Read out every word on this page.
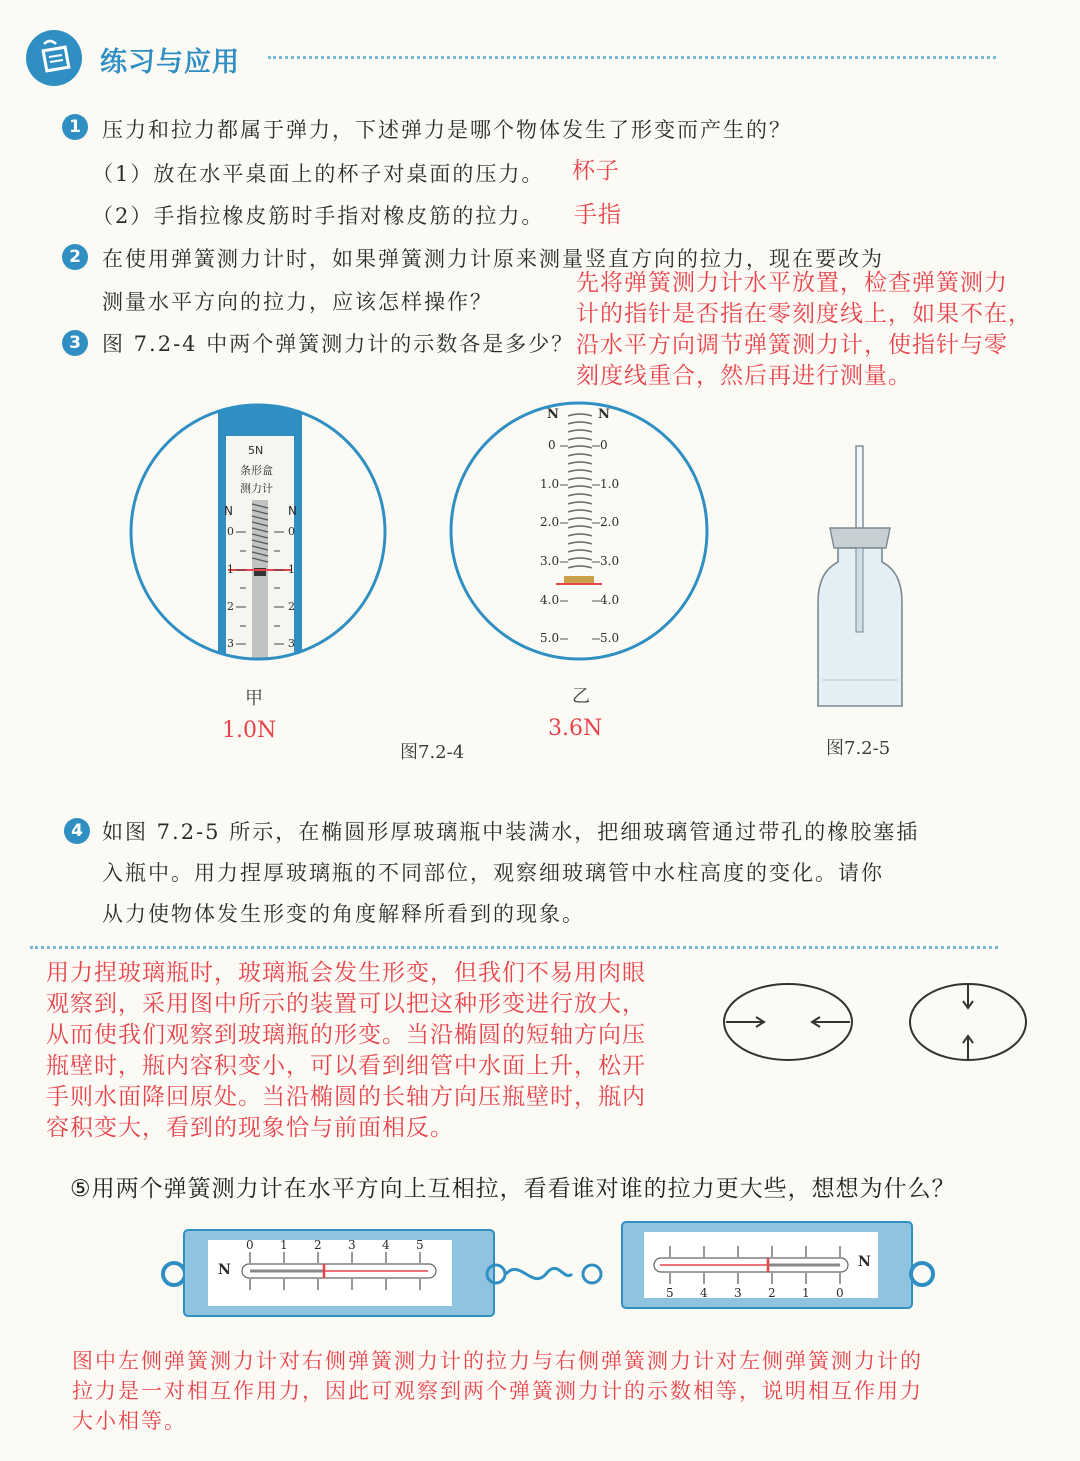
练习与应用
1	压力和拉力都属于弹力，下述弹力是哪个物体发生了形变而产生的？
（1）放在水平桌面上的杯子对桌面的压力。 杯子
（2）手指拉橡皮筋时手指对橡皮筋的拉力。 手指
2	在使用弹簧测力计时，如果弹簧测力计原来测量竖直方向的拉力，现在要改为
测量水平方向的拉力，应该怎样操作？
先将弹簧测力计水平放置，检查弹簧测力
计的指针是否指在零刻度线上，如果不在，
沿水平方向调节弹簧测力计，使指针与零
刻度线重合，然后再进行测量。
3	图 7.2-4 中两个弹簧测力计的示数各是多少？
5N
条形盒
测力计
N	N
0	0
1	1
2	2
3	3
甲
1.0N
N	N
0
1.0
2.0
3.0
4.0
5.0
0
1.0
2.0
3.0
4.0
5.0
乙
3.6N
图7.2-4	图7.2-5
4 如图 7.2-5 所示，在椭圆形厚玻璃瓶中装满水，把细玻璃管通过带孔的橡胶塞插
入瓶中。用力捏厚玻璃瓶的不同部位，观察细玻璃管中水柱高度的变化。请你
从力使物体发生形变的角度解释所看到的现象。
用力捏玻璃瓶时，玻璃瓶会发生形变，但我们不易用肉眼
观察到，采用图中所示的装置可以把这种形变进行放大，
从而使我们观察到玻璃瓶的形变。当沿椭圆的短轴方向压
瓶壁时，瓶内容积变小，可以看到细管中水面上升，松开
手则水面降回原处。当沿椭圆的长轴方向压瓶壁时，瓶内
容积变大，看到的现象恰与前面相反。
⑤用两个弹簧测力计在水平方向上互相拉，看看谁对谁的拉力更大些，想想为什么？
N
0 1 2 3 4 5
N
0
1
2
3
4
5
图中左侧弹簧测力计对右侧弹簧测力计的拉力与右侧弹簧测力计对左侧弹簧测力计的
拉力是一对相互作用力，因此可观察到两个弹簧测力计的示数相等，说明相互作用力
大小相等。
